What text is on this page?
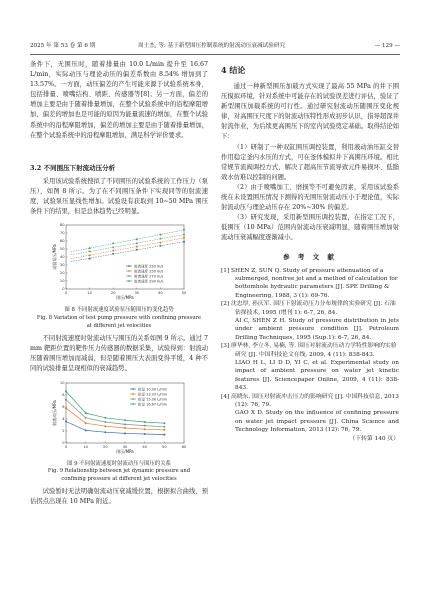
2025 年 第 53 卷 第 6 期	周士杰, 等: 基于新型围压控制系统的射流动压衰减试验研究	— 129 —

条件下，无围压时，随着排量由 10.0 L/min 提升至 16.67 L/min，实际动压与理论动压的偏差系数由 8.54% 增加到了 13.57%。一方面，动压偏差的产生可能来源于试验系统本身，包括排量、喷嘴结构、喷距、传感器等[8]；另一方面，偏差的增加主要是由于随着排量增加，在整个试验系统中的沿程摩阻增加，偏差的增加也是可能的原因为能量流速的增加，在整个试验系统中的沿程摩阻增加，偏差的增加主要是由于随着排量增加，在整个试验系统中的沿程摩阻增加，满足科学评价要求。

3.2 不同围压下射流动压分析

采用该试验系统搜拟了不同围压的试验系统的工作压力（泵压），如图 8 所示。为了在不同围压条件下实现同等的射流速度，试验泵压显线性增加。试验设有获取到 10~50 MPa 围压条件下的结果，但是总体趋势已经明显。

0	10	20	30	40	50
0
10
20
30
40
50
60
70
80
围压/MPa
试验泵压/MPa	射流速度 230 m/s
射流速度 250 m/s
射流速度 270 m/s
射流速度 290 m/s

图 8 不同射流速度试验泵压随围压的变化趋势

Fig. 8 Variation of test pump pressure with confining pressure

at different jet velocities

不同射流速度时射流动压与围压的关系如图 9 所示。通过 7 mm 靶距位置的靶件压力传感器的数据采集，试验得到：射流动压随着围压增加而减弱，但是随着围压大表面变得平缓，4 种不同的试验排量呈现相似的衰减趋势。

0	10	20	30	40	50	60
0
2
4
6
8
10
围压/MPa
射流动压/MPa
排量 10.00 L/min
排量 13.33 L/min
排量 15.00 L/min
排量 16.67 L/min

图 9 不同射流速度时射流动压与围压的关系

Fig. 9 Relationship between jet dynamic pressure and

confining pressure at different jet velocities

试验暂时无法明确射流动压衰减缓位置，根据拟合曲线，预估拐点出现在 10 MPa 附近。

4 结论

通过一种新型围压加载方式实现了最高 55 MPa 的井下围压模拟环境，针对系统中可能存在的试验误差进行评估，验证了新型围压加载系统的可行性。通过研究射流动压随围压变化规律，对高围压尺度下的射流动压特性形成初步认识，指导超深井射流作业，为后续更高围压下的室内试验奠定基础。取得结论如下：

（1）研制了一种双缸围压调控装置，利用液动油压缸交替作用稳定釜内水压的方式，可在釜体模拟井下高围压环境。相比常规节流阀调控方式，解决了超高压节流导致元件易损坏、低脂效水仿难以控制的问题。

（2）由于喷嘴加工、磨损等不可避免因素，采用该试验系统在未设置围压情况下测得的无围压射流动压小于理论值，实际射流动压与理论动压存在 20%~30% 的偏差。

（3）研究发现，采用新型围压调控装置，在指定工况下，低围压（10 MPa）范围内射流动压衰减明显，随着围压增加射流动压衰减幅度逐渐减小。

参 考 文 献

[1] SHEN Z, SUN Q. Study of pressure attenuation of a submerged, nonfree jet and a method of calculation for bottomhole hydraulic parameters [J]. SPE Drilling & Engineering, 1988, 3 (1): 69-76.

[2] 沈忠厚, 孙庆军. 围压下射流动压力分布规律的实验研究 [J]. 石油钻探技术, 1995 (增刊 1): 6-7, 26, 84.

AI C, SHEN Z H. Study of pressure distribution in jets under ambient pressure condition [J]. Petroleum Drilling Techniques, 1995 (Sup.1): 6-7, 26, 84.

[3] 廖华林, 李立冬, 易楠, 等. 围压对射流动压动力学特性影响的实验研究 [J]. 中国科技论文在线, 2009, 4 (11): 838-843.

LIAO H L, LI D D, YI C, et al. Experimental study on impact of ambient pressure on water jet kinetic features [J]. Sciencepaper Online, 2009, 4 (11): 838-843.

[4] 高晓东. 围压对射流冲击压力的影响研究 [J]. 中国科技信息, 2013 (12): 76, 79.

GAO X D. Study on the influence of confining pressure on water jet impact pressure [J]. China Science and Technology Information, 2013 (12): 76, 79.

（下转第 140 页）
